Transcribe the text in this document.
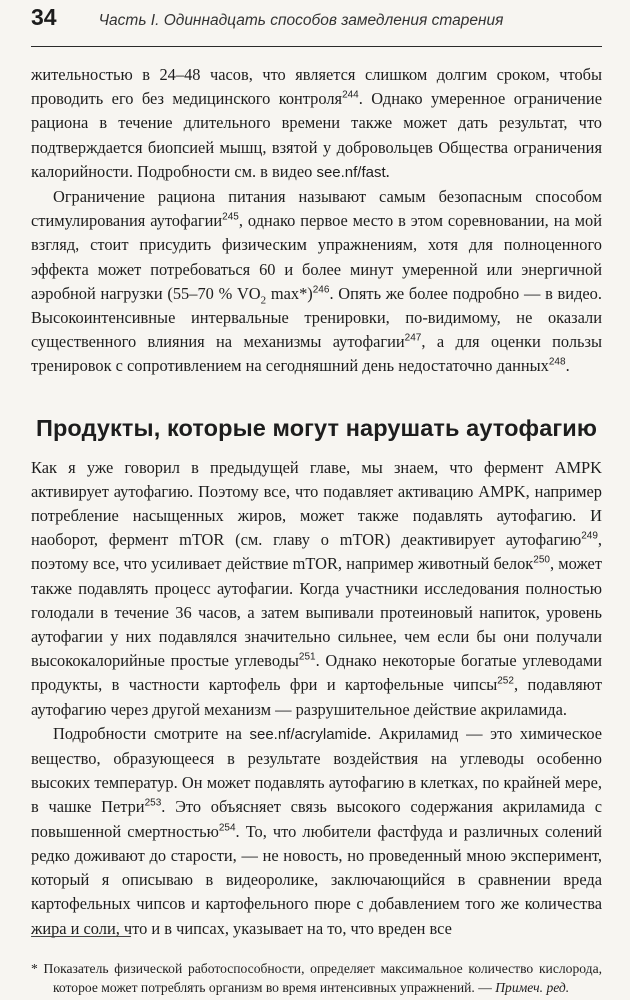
34	Часть I. Одиннадцать способов замедления старения

жительностью в 24–48 часов, что является слишком долгим сроком, чтобы проводить его без медицинского контроля$^{244}$. Однако умеренное ограничение рациона в течение длительного времени также может дать результат, что подтверждается биопсией мышц, взятой у добровольцев Общества ограничения калорийности. Подробности см. в видео see.nf/fast.

Ограничение рациона питания называют самым безопасным способом стимулирования аутофагии$^{245}$, однако первое место в этом соревновании, на мой взгляд, стоит присудить физическим упражнениям, хотя для полноценного эффекта может потребоваться 60 и более минут умеренной или энергичной аэробной нагрузки (55–70 % $VO_2$ max*)$^{246}$. Опять же более подробно — в видео. Высокоинтенсивные интервальные тренировки, по-видимому, не оказали существенного влияния на механизмы аутофагии$^{247}$, а для оценки пользы тренировок с сопротивлением на сегодняшний день недостаточно данных$^{248}$.

Продукты, которые могут нарушать аутофагию

Как я уже говорил в предыдущей главе, мы знаем, что фермент AMPK активирует аутофагию. Поэтому все, что подавляет активацию AMPK, например потребление насыщенных жиров, может также подавлять аутофагию. И наоборот, фермент mTOR (см. главу о mTOR) деактивирует аутофагию$^{249}$, поэтому все, что усиливает действие mTOR, например животный белок$^{250}$, может также подавлять процесс аутофагии. Когда участники исследования полностью голодали в течение 36 часов, а затем выпивали протеиновый напиток, уровень аутофагии у них подавлялся значительно сильнее, чем если бы они получали высококалорийные простые углеводы$^{251}$. Однако некоторые богатые углеводами продукты, в частности картофель фри и картофельные чипсы$^{252}$, подавляют аутофагию через другой механизм — разрушительное действие акриламида.

Подробности смотрите на see.nf/acrylamide. Акриламид — это химическое вещество, образующееся в результате воздействия на углеводы особенно высоких температур. Он может подавлять аутофагию в клетках, по крайней мере, в чашке Петри$^{253}$. Это объясняет связь высокого содержания акриламида с повышенной смертностью$^{254}$. То, что любители фастфуда и различных солений редко доживают до старости, — не новость, но проведенный мною эксперимент, который я описываю в видеоролике, заключающийся в сравнении вреда картофельных чипсов и картофельного пюре с добавлением того же количества жира и соли, что и в чипсах, указывает на то, что вреден все

* Показатель физической работоспособности, определяет максимальное количество кислорода, которое может потреблять организм во время интенсивных упражнений. — Примеч. ред.
